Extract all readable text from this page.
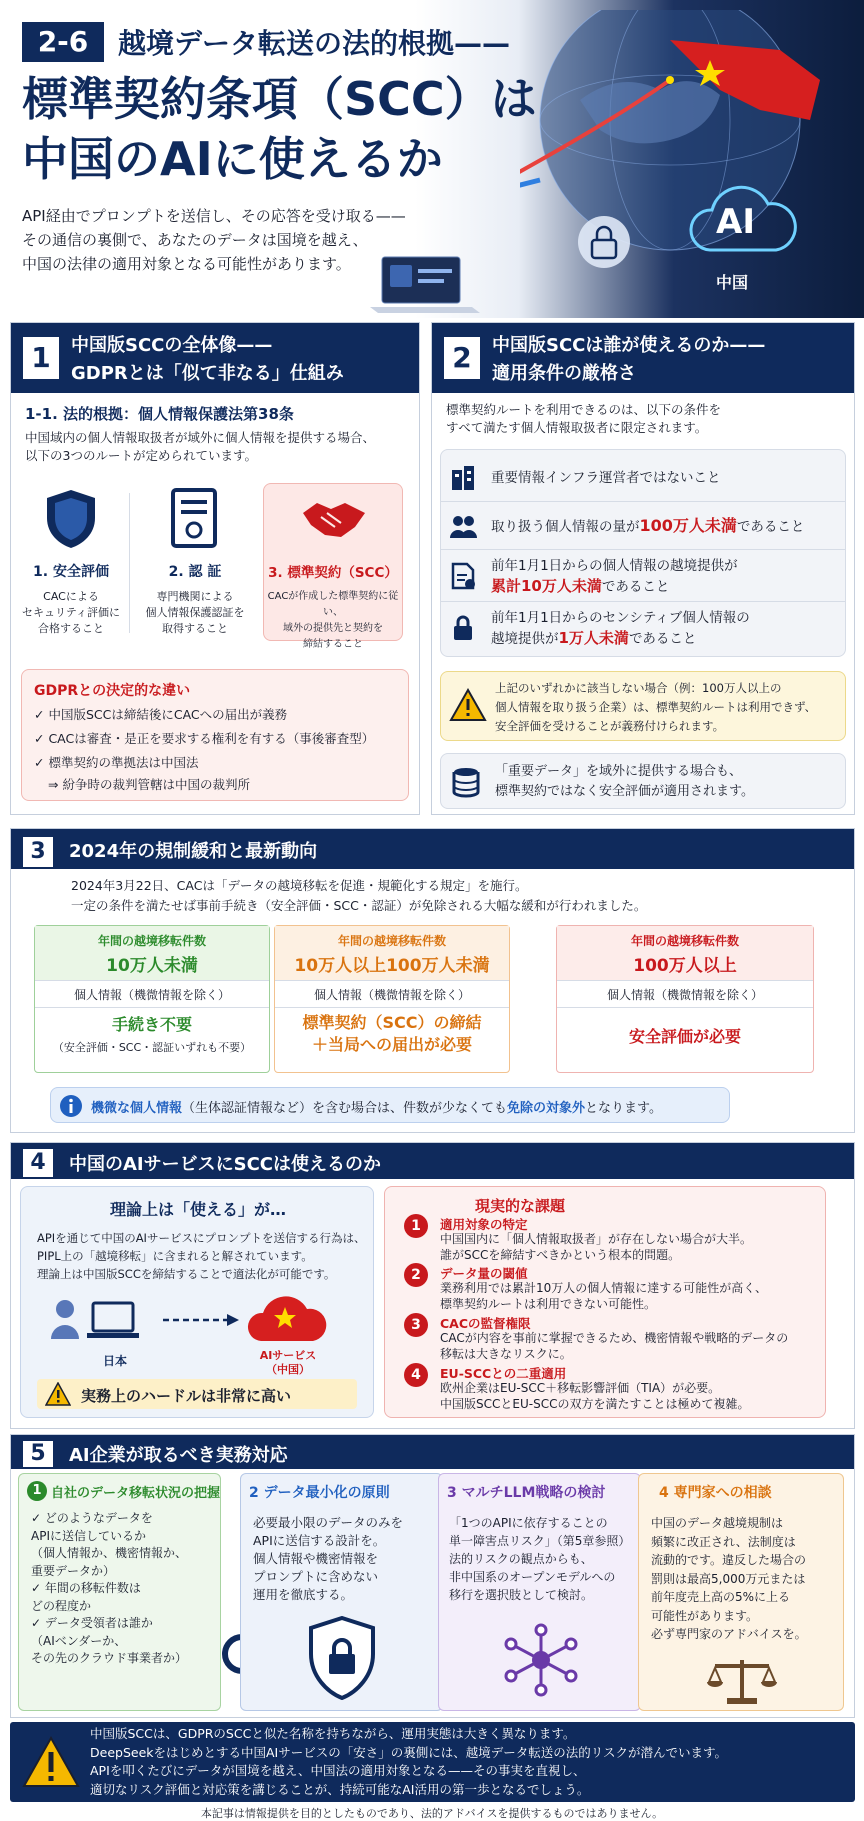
2-6	越境データ転送の法的根拠——
標準契約条項（SCC）は
中国のAIに使えるか
API経由でプロンプトを送信し、その応答を受け取る——
その通信の裏側で、あなたのデータは国境を越え、
中国の法律の適用対象となる可能性があります。
AI
中国
1	中国版SCCの全体像——
GDPRとは「似て非なる」仕組み
1-1. 法的根拠：個人情報保護法第38条
中国域内の個人情報取扱者が域外に個人情報を提供する場合、
以下の3つのルートが定められています。
1. 安全評価
CACによる
セキュリティ評価に
合格すること
2. 認 証
専門機関による
個人情報保護認証を
取得すること
3. 標準契約（SCC）
CACが作成した標準契約に従い、
域外の提供先と契約を
締結すること
GDPRとの決定的な違い
✓ 中国版SCCは締結後にCACへの届出が義務
✓ CACは審査・是正を要求する権利を有する（事後審査型）
✓ 標準契約の準拠法は中国法
⇒ 紛争時の裁判管轄は中国の裁判所
2	中国版SCCは誰が使えるのか——
適用条件の厳格さ
標準契約ルートを利用できるのは、以下の条件を
すべて満たす個人情報取扱者に限定されます。
重要情報インフラ運営者ではないこと
取り扱う個人情報の量が100万人未満であること
前年1月1日からの個人情報の越境提供が
累計10万人未満であること
前年1月1日からのセンシティブ個人情報の
越境提供が1万人未満であること
上記のいずれかに該当しない場合（例：100万人以上の
個人情報を取り扱う企業）は、標準契約ルートは利用できず、
安全評価を受けることが義務付けられます。
「重要データ」を域外に提供する場合も、
標準契約ではなく安全評価が適用されます。
3	2024年の規制緩和と最新動向
2024年3月22日、CACは「データの越境移転を促進・規範化する規定」を施行。
一定の条件を満たせば事前手続き（安全評価・SCC・認証）が免除される大幅な緩和が行われました。
年間の越境移転件数
10万人未満
個人情報（機微情報を除く）
手続き不要
（安全評価・SCC・認証いずれも不要）
年間の越境移転件数
10万人以上100万人未満
個人情報（機微情報を除く）
標準契約（SCC）の締結
＋当局への届出が必要
年間の越境移転件数
100万人以上
個人情報（機微情報を除く）
安全評価が必要
機微な個人情報（生体認証情報など）を含む場合は、件数が少なくても免除の対象外となります。
4	中国のAIサービスにSCCは使えるのか
理論上は「使える」が…
APIを通じて中国のAIサービスにプロンプトを送信する行為は、
PIPL上の「越境移転」に含まれると解されています。
理論上は中国版SCCを締結することで適法化が可能です。
日本	AIサービス
（中国）
実務上のハードルは非常に高い
現実的な課題
1	適用対象の特定
中国国内に「個人情報取扱者」が存在しない場合が大半。
誰がSCCを締結すべきかという根本的問題。
2	データ量の閾値
業務利用では累計10万人の個人情報に達する可能性が高く、
標準契約ルートは利用できない可能性。
3	CACの監督権限
CACが内容を事前に掌握できるため、機密情報や戦略的データの
移転は大きなリスクに。
4	EU-SCCとの二重適用
欧州企業はEU-SCC＋移転影響評価（TIA）が必要。
中国版SCCとEU-SCCの双方を満たすことは極めて複雑。
5	AI企業が取るべき実務対応
1 自社のデータ移転状況の把握
✓ どのようなデータを
APIに送信しているか
（個人情報か、機密情報か、
重要データか）
✓ 年間の移転件数は
どの程度か
✓ データ受領者は誰か
（AIベンダーか、
その先のクラウド事業者か）
2 データ最小化の原則
必要最小限のデータのみを
APIに送信する設計を。
個人情報や機密情報を
プロンプトに含めない
運用を徹底する。
3 マルチLLM戦略の検討
「1つのAPIに依存することの
単一障害点リスク」（第5章参照）
法的リスクの観点からも、
非中国系のオープンモデルへの
移行を選択肢として検討。
4 専門家への相談
中国のデータ越境規制は
頻繁に改正され、法制度は
流動的です。違反した場合の
罰則は最高5,000万元または
前年度売上高の5%に上る
可能性があります。
必ず専門家のアドバイスを。
中国版SCCは、GDPRのSCCと似た名称を持ちながら、運用実態は大きく異なります。
DeepSeekをはじめとする中国AIサービスの「安さ」の裏側には、越境データ転送の法的リスクが潜んでいます。
APIを叩くたびにデータが国境を越え、中国法の適用対象となる——その事実を直視し、
適切なリスク評価と対応策を講じることが、持続可能なAI活用の第一歩となるでしょう。
本記事は情報提供を目的としたものであり、法的アドバイスを提供するものではありません。
